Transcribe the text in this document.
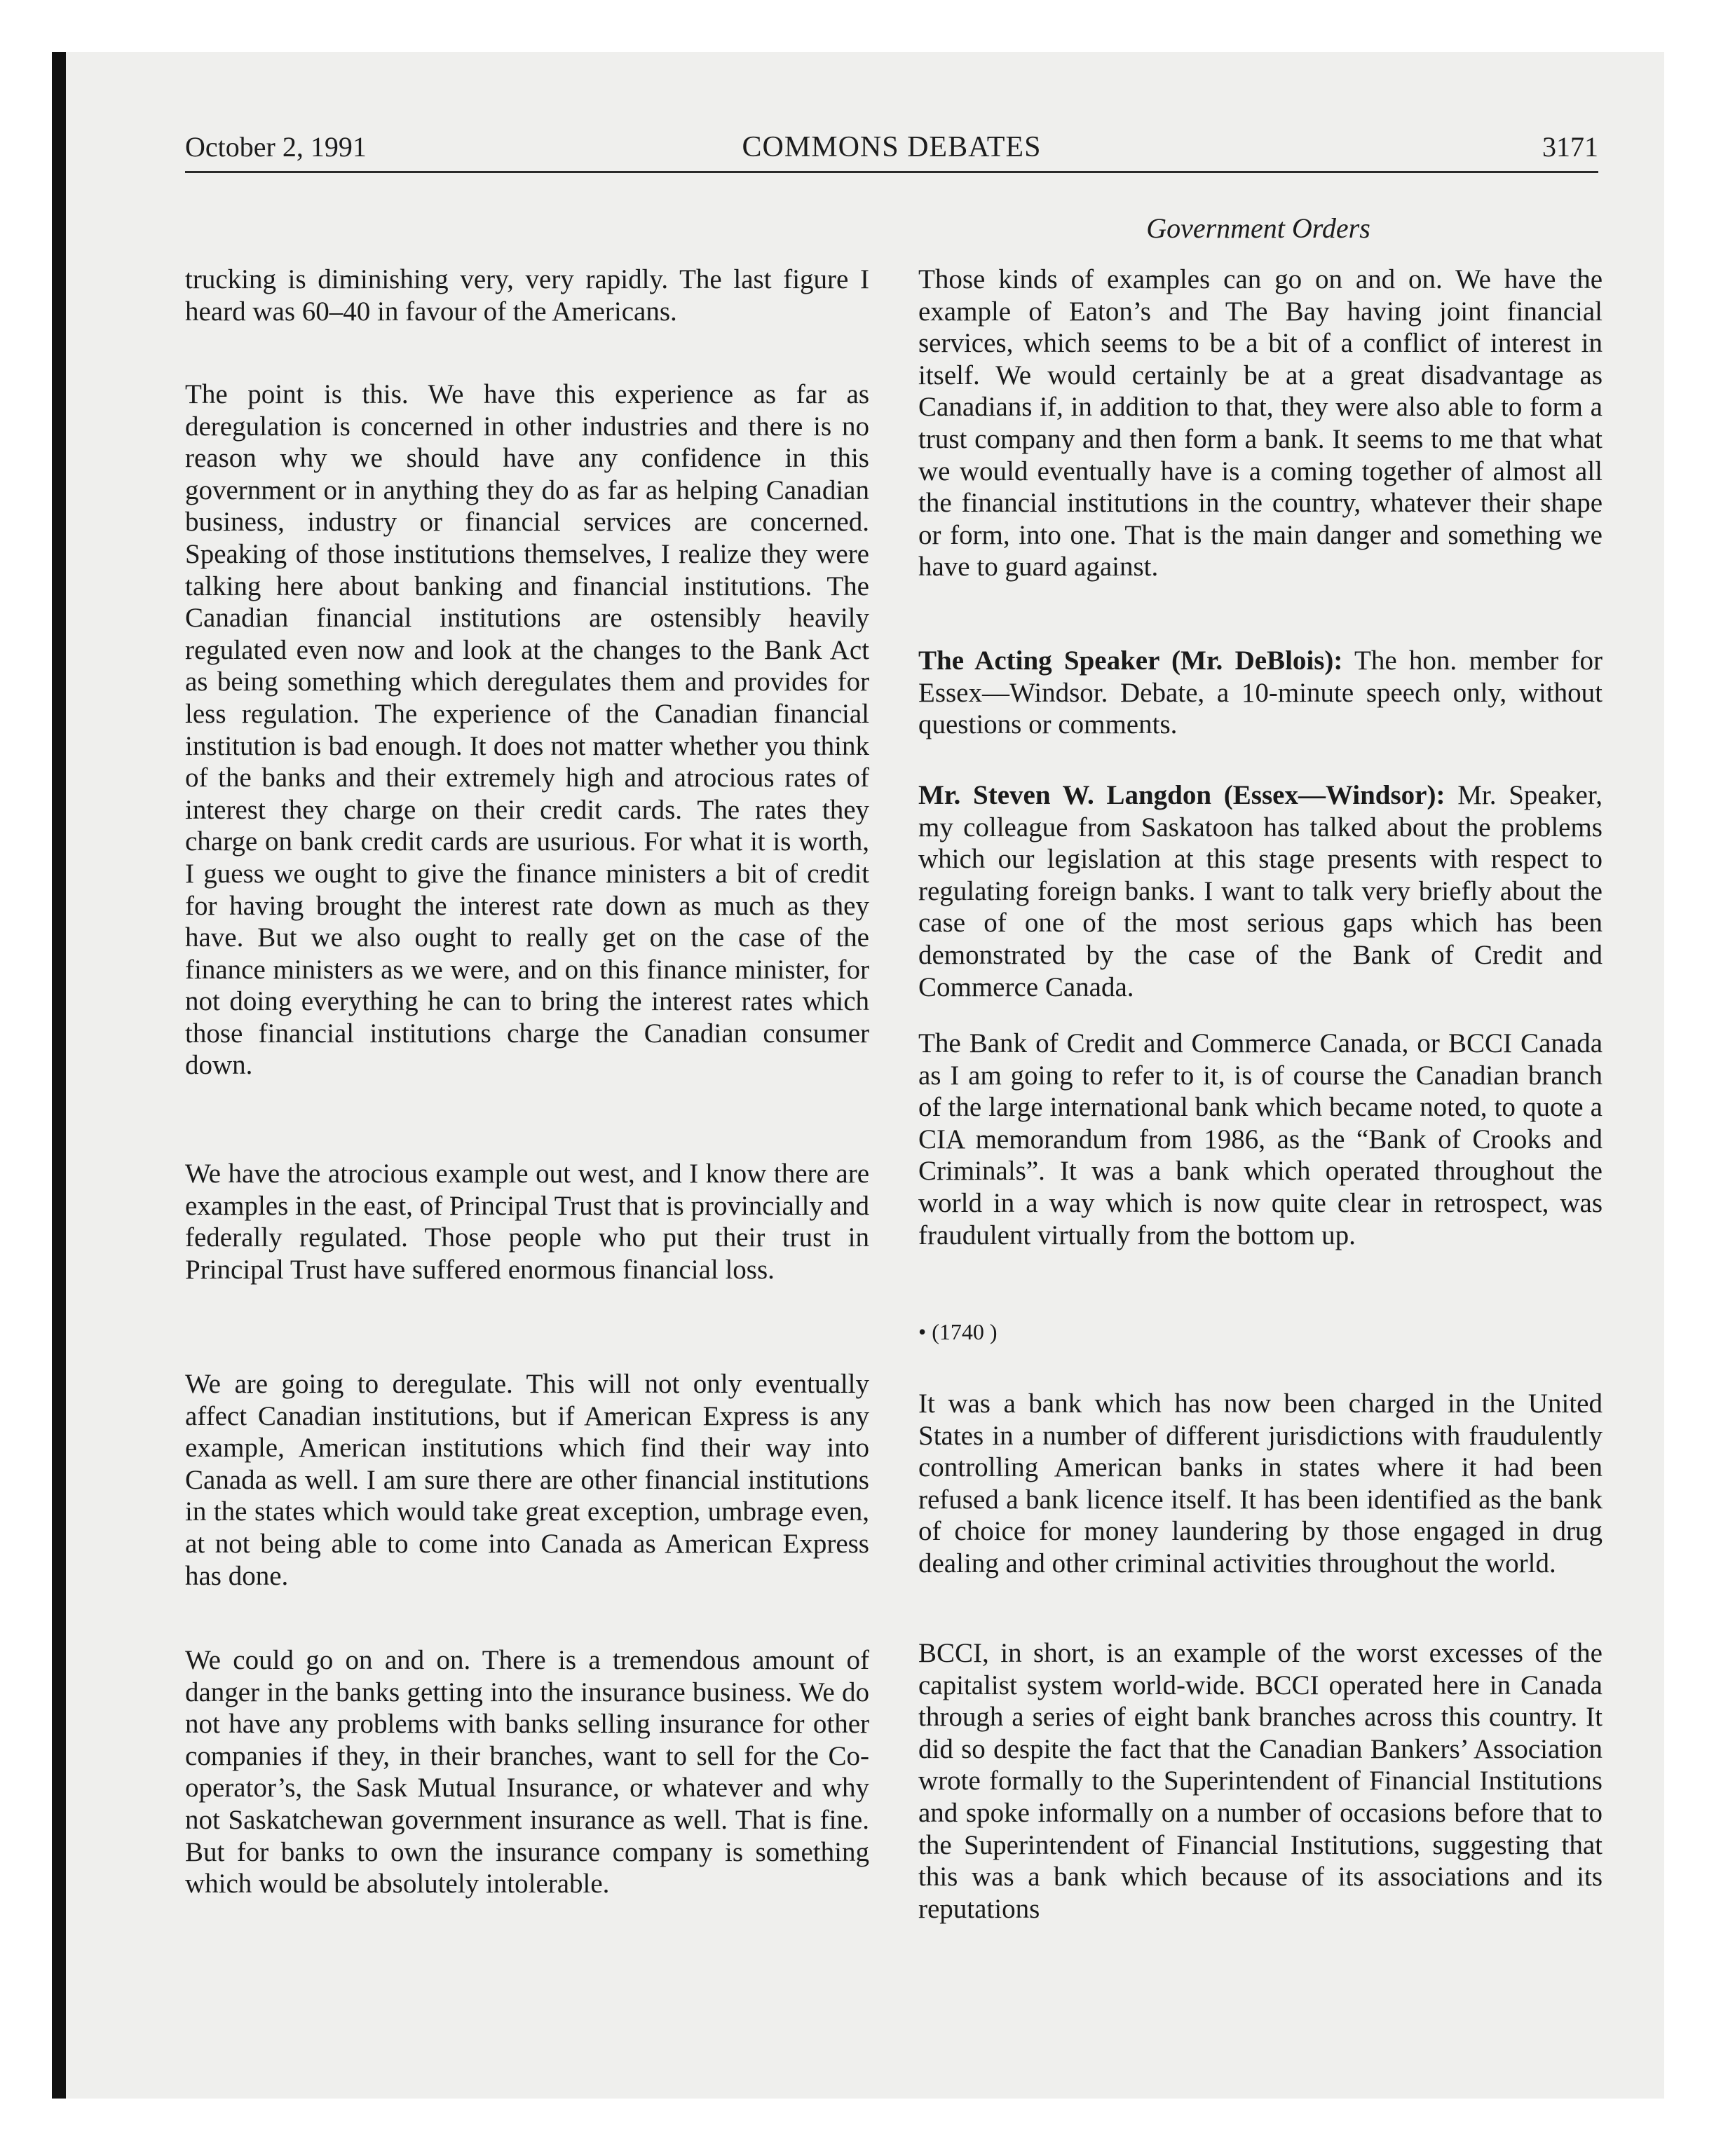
October 2, 1991	COMMONS DEBATES	3171
Government Orders

trucking is diminishing very, very rapidly. The last figure I heard was 60–40 in favour of the Americans.

The point is this. We have this experience as far as deregulation is concerned in other industries and there is no reason why we should have any confidence in this government or in anything they do as far as helping Canadian business, industry or financial services are concerned. Speaking of those institutions themselves, I realize they were talking here about banking and financial institutions. The Canadian financial institutions are ostensibly heavily regulated even now and look at the changes to the Bank Act as being something which deregulates them and provides for less regulation. The experience of the Canadian financial institution is bad enough. It does not matter whether you think of the banks and their extremely high and atrocious rates of interest they charge on their credit cards. The rates they charge on bank credit cards are usurious. For what it is worth, I guess we ought to give the finance ministers a bit of credit for having brought the interest rate down as much as they have. But we also ought to really get on the case of the finance ministers as we were, and on this finance minister, for not doing everything he can to bring the interest rates which those financial institutions charge the Canadian consumer down.

We have the atrocious example out west, and I know there are examples in the east, of Principal Trust that is provincially and federally regulated. Those people who put their trust in Principal Trust have suffered enormous financial loss.

We are going to deregulate. This will not only eventually affect Canadian institutions, but if American Express is any example, American institutions which find their way into Canada as well. I am sure there are other financial institutions in the states which would take great exception, umbrage even, at not being able to come into Canada as American Express has done.

We could go on and on. There is a tremendous amount of danger in the banks getting into the insurance business. We do not have any problems with banks selling insurance for other companies if they, in their branches, want to sell for the Co-operator’s, the Sask Mutual Insurance, or whatever and why not Saskatchewan government insurance as well. That is fine. But for banks to own the insurance company is something which would be absolutely intolerable.

Those kinds of examples can go on and on. We have the example of Eaton’s and The Bay having joint financial services, which seems to be a bit of a conflict of interest in itself. We would certainly be at a great disadvantage as Canadians if, in addition to that, they were also able to form a trust company and then form a bank. It seems to me that what we would eventually have is a coming together of almost all the financial institutions in the country, whatever their shape or form, into one. That is the main danger and something we have to guard against.

The Acting Speaker (Mr. DeBlois): The hon. member for Essex—Windsor. Debate, a 10-minute speech only, without questions or comments.

Mr. Steven W. Langdon (Essex—Windsor): Mr. Speaker, my colleague from Saskatoon has talked about the problems which our legislation at this stage presents with respect to regulating foreign banks. I want to talk very briefly about the case of one of the most serious gaps which has been demonstrated by the case of the Bank of Credit and Commerce Canada.

The Bank of Credit and Commerce Canada, or BCCI Canada as I am going to refer to it, is of course the Canadian branch of the large international bank which became noted, to quote a CIA memorandum from 1986, as the “Bank of Crooks and Criminals”. It was a bank which operated throughout the world in a way which is now quite clear in retrospect, was fraudulent virtually from the bottom up.

• (1740 )

It was a bank which has now been charged in the United States in a number of different jurisdictions with fraudulently controlling American banks in states where it had been refused a bank licence itself. It has been identified as the bank of choice for money laundering by those engaged in drug dealing and other criminal activities throughout the world.

BCCI, in short, is an example of the worst excesses of the capitalist system world-wide. BCCI operated here in Canada through a series of eight bank branches across this country. It did so despite the fact that the Canadian Bankers’ Association wrote formally to the Superintendent of Financial Institutions and spoke informally on a number of occasions before that to the Superintendent of Financial Institutions, suggesting that this was a bank which because of its associations and its reputations
